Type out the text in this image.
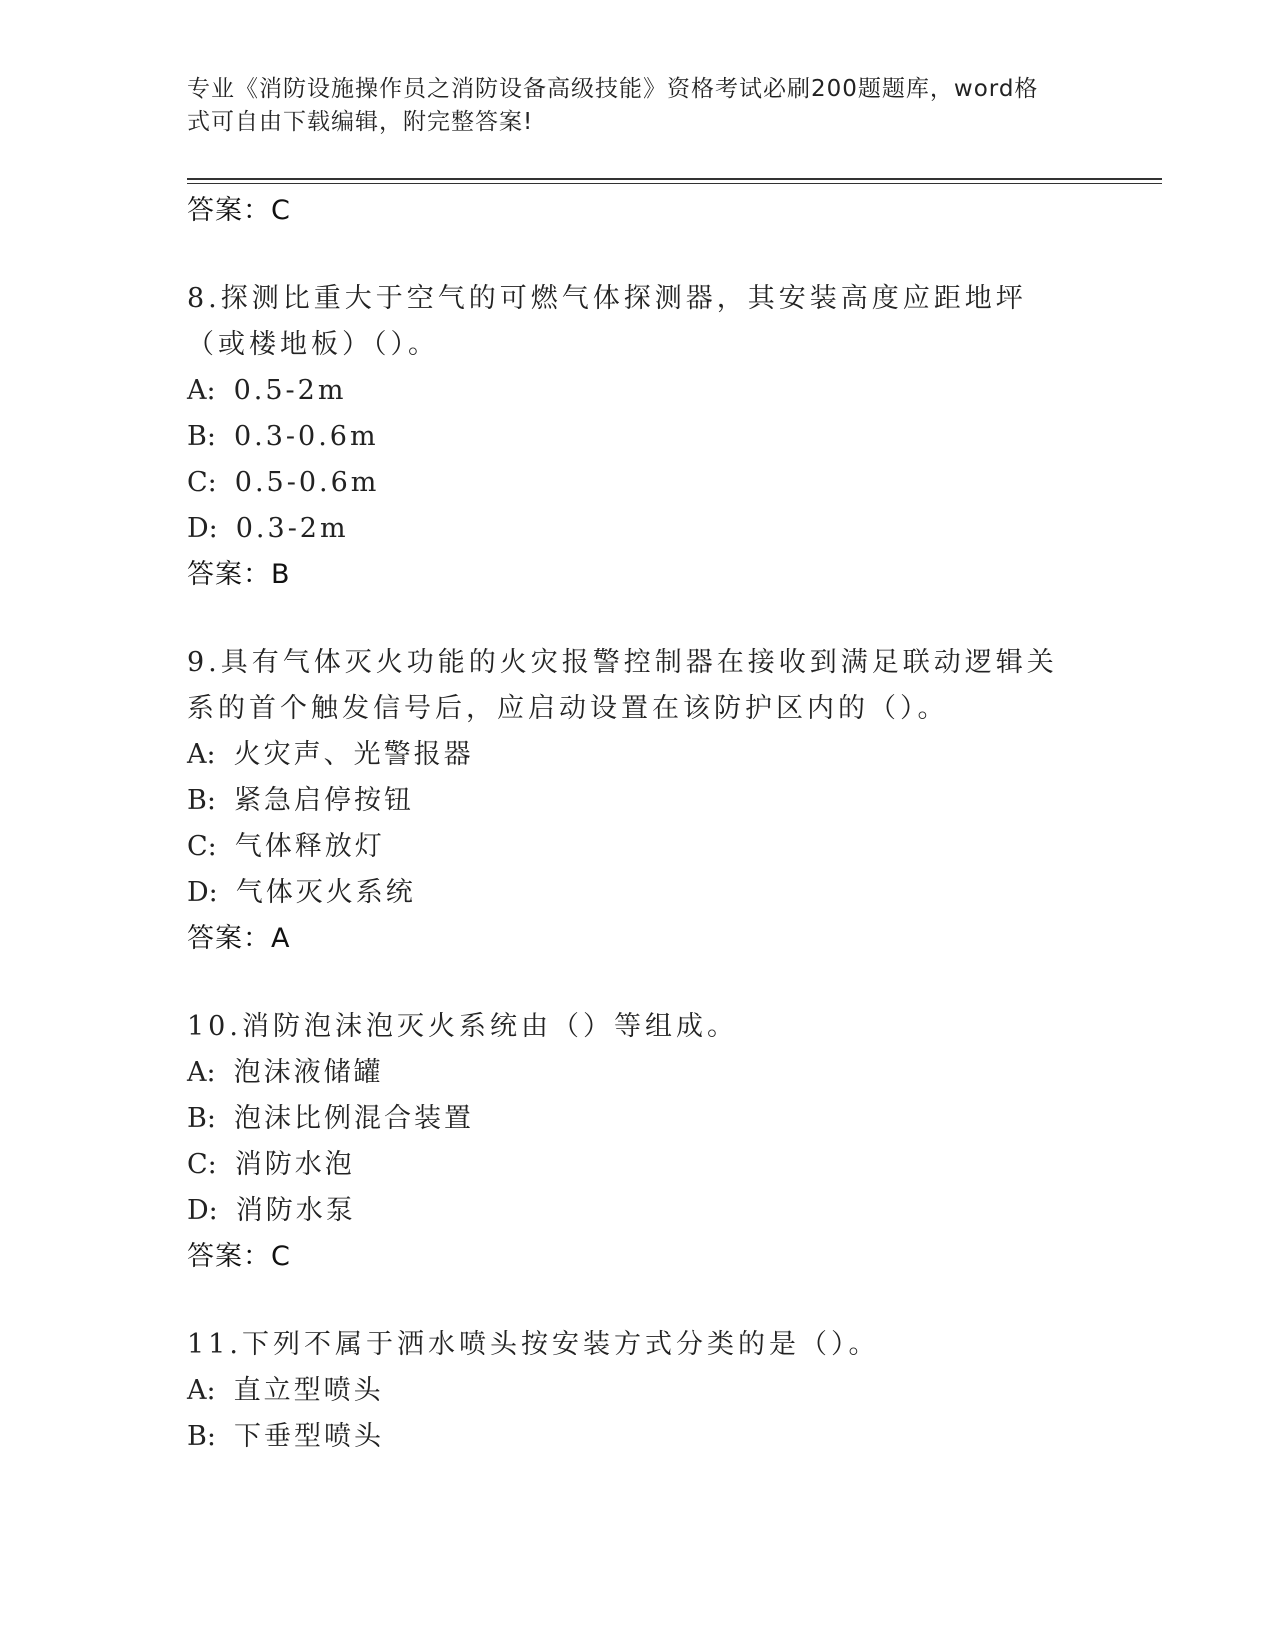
专业《消防设施操作员之消防设备高级技能》资格考试必刷200题题库，word格
式可自由下载编辑，附完整答案!
答案：C
8.探测比重大于空气的可燃气体探测器，其安装高度应距地坪（或楼地板）（）。
A: 0.5-2m
B: 0.3-0.6m
C: 0.5-0.6m
D: 0.3-2m
答案：B
9.具有气体灭火功能的火灾报警控制器在接收到满足联动逻辑关系的首个触发信号后，应启动设置在该防护区内的（）。
A: 火灾声、光警报器
B: 紧急启停按钮
C: 气体释放灯
D: 气体灭火系统
答案：A
10.消防泡沫泡灭火系统由（）等组成。
A: 泡沫液储罐
B: 泡沫比例混合装置
C: 消防水泡
D: 消防水泵
答案：C
11.下列不属于洒水喷头按安装方式分类的是（）。
A: 直立型喷头
B: 下垂型喷头
